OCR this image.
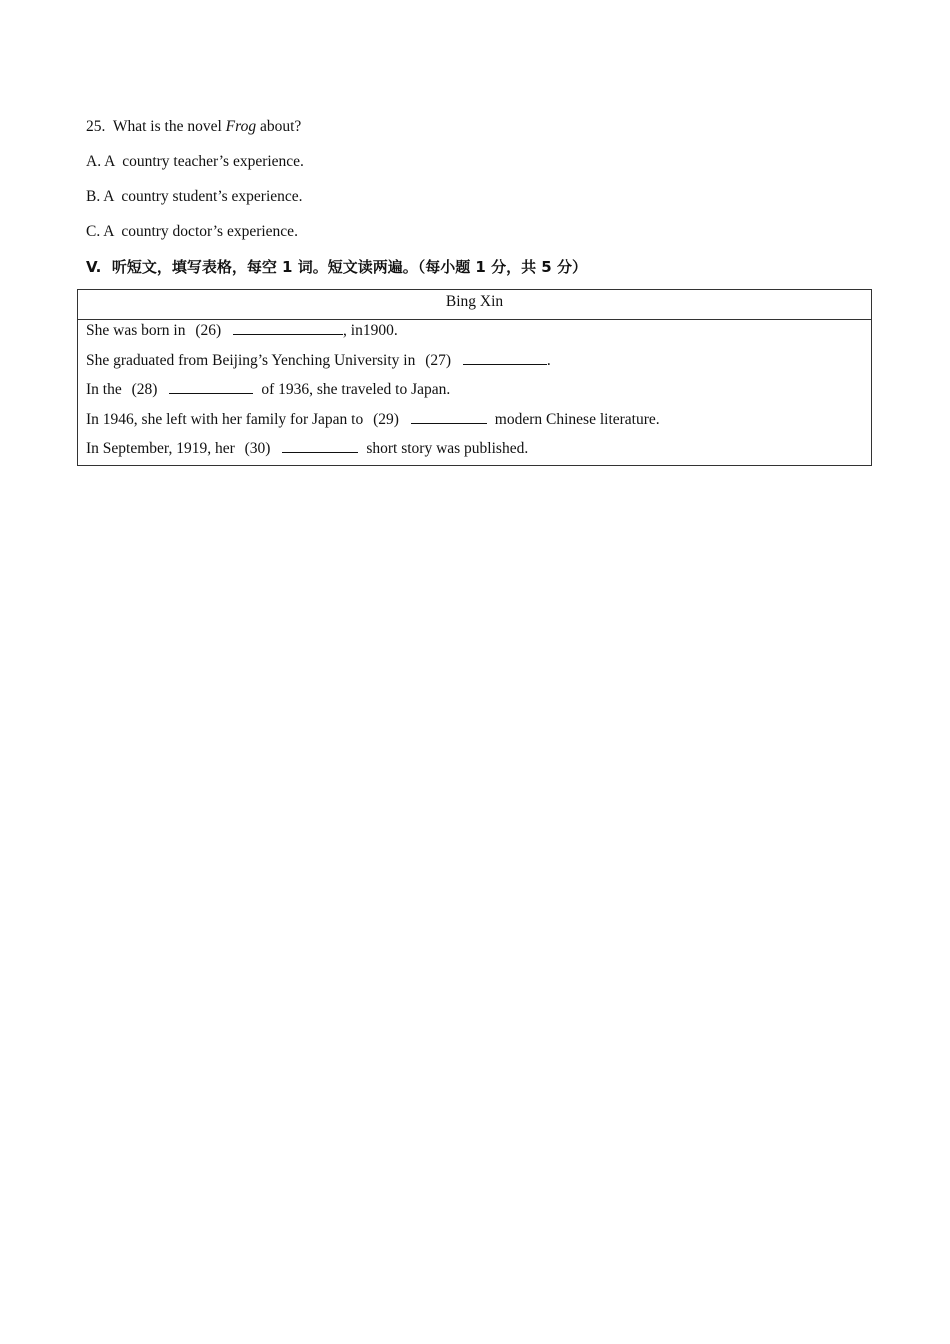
25. What is the novel Frog about?
A. A  country teacher’s experience.
B. A  country student’s experience.
C. A  country doctor’s experience.
V.  听短文，填写表格，每空 1 词。短文读两遍。（每小题 1 分，共 5 分）
Bing Xin
She was born in (26)	, in1900.
She graduated from Beijing’s Yenching University in (27)	.
In the (28)	of 1936, she traveled to Japan.
In 1946, she left with her family for Japan to (29)	modern Chinese literature.
In September, 1919, her (30)	short story was published.
